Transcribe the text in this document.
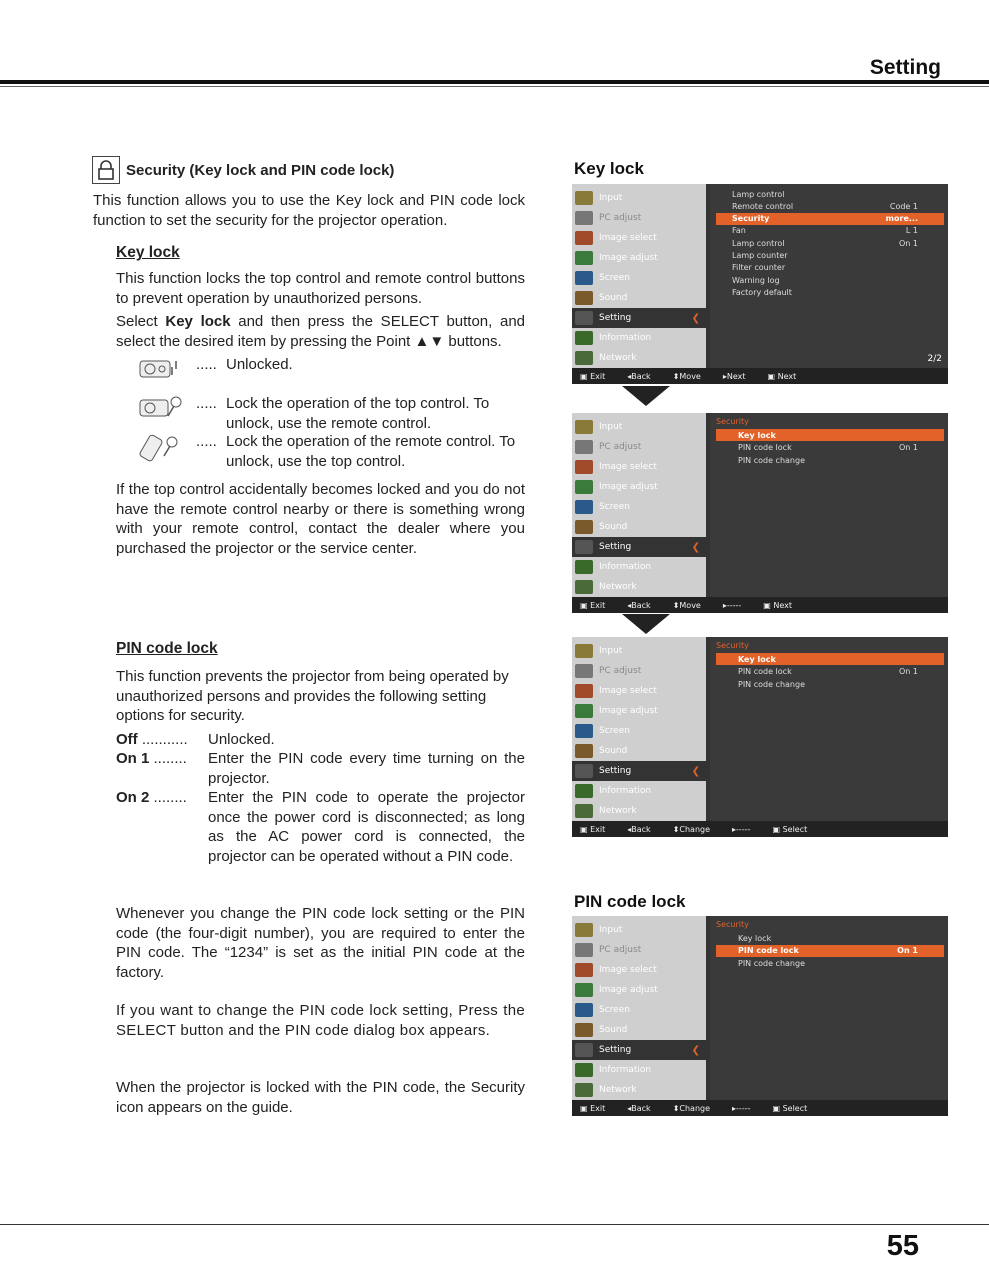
Setting
Security (Key lock and PIN code lock)

This function allows you to use the Key lock and PIN code lock function to set the security for the projector operation.

Key lock

This function locks the top control and remote control buttons to prevent operation by unauthorized persons.

Select Key lock and then press the SELECT button, and select the desired item by pressing the Point ▲▼ buttons.

..... Unlocked.
..... Lock the operation of the top control. To unlock, use the remote control.
..... Lock the operation of the remote control. To unlock, use the top control.

If the top control accidentally becomes locked and you do not have the remote control nearby or there is something wrong with your remote control, contact the dealer where you purchased the projector or the service center.

PIN code lock

This function prevents the projector from being operated by unauthorized persons and provides the following setting options for security.

Off ...........	Unlocked.
On 1 ........	Enter the PIN code every time turning on the projector.
On 2 ........	Enter the PIN code to operate the projector once the power cord is disconnected; as long as the AC power cord is connected, the projector can be operated without a PIN code.

Whenever you change the PIN code lock setting or the PIN code (the four-digit number), you are required to enter the PIN code. The “1234” is set as the initial PIN code at the factory.

If you want to change the PIN code lock setting, Press the SELECT button and the PIN code dialog box appears.

When the projector is locked with the PIN code, the Security icon appears on the guide.

Key lock
PIN code lock
Input
PC adjust
Image select
Image adjust
Screen
Sound
Setting	❮
Information
Network
Lamp control
Remote control	Code 1
Security	more...
Fan	L 1
Lamp control	On 1
Lamp counter
Filter counter
Warning log
Factory default
2/2
▣ Exit	◂Back	⬍Move	▸Next	▣ Next
Input
PC adjust
Image select
Image adjust
Screen
Sound
Setting	❮
Information
Network
Security
Key lock
PIN code lock	On 1
PIN code change
▣ Exit	◂Back	⬍Move	▸-----	▣ Next
Input
PC adjust
Image select
Image adjust
Screen
Sound
Setting	❮
Information
Network
Security
Key lock
PIN code lock	On 1
PIN code change
▣ Exit	◂Back	⬍Change	▸-----	▣ Select
Input
PC adjust
Image select
Image adjust
Screen
Sound
Setting	❮
Information
Network
Security
Key lock
PIN code lock	On 1
PIN code change
▣ Exit	◂Back	⬍Change	▸-----	▣ Select
55
